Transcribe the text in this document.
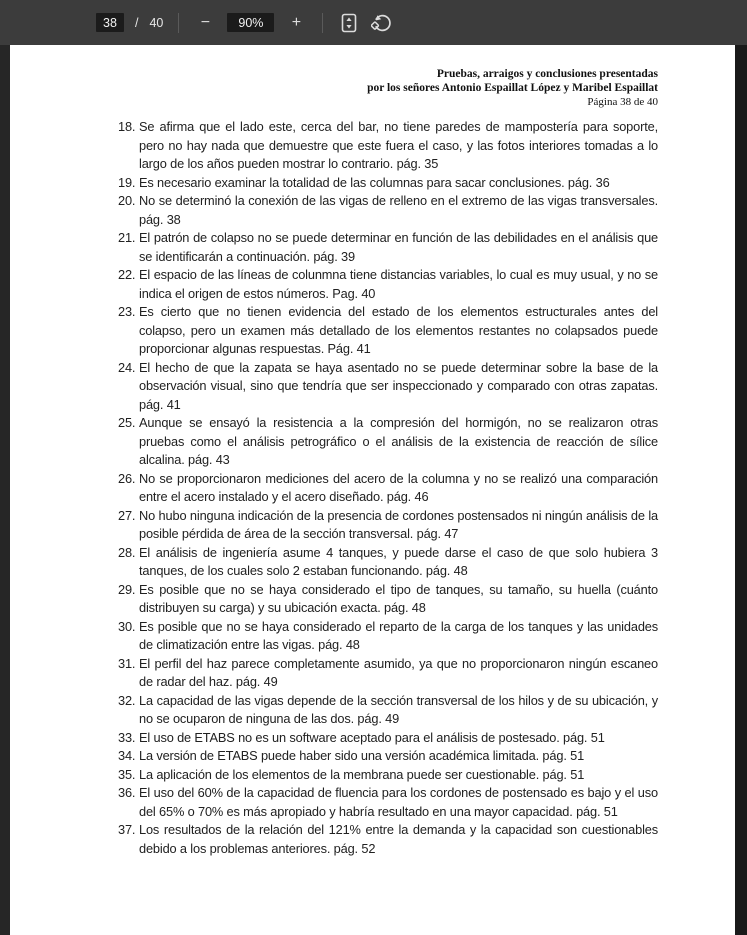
38
/ 40	−	90%	+
Pruebas, arraigos y conclusiones presentadas
por los señores Antonio Espaillat López y Maribel Espaillat
Página 38 de 40
18. Se afirma que el lado este, cerca del bar, no tiene paredes de mampostería para soporte, pero no hay nada que demuestre que este fuera el caso, y las fotos interiores tomadas a lo largo de los años pueden mostrar lo contrario. pág. 35
19. Es necesario examinar la totalidad de las columnas para sacar conclusiones. pág. 36
20. No se determinó la conexión de las vigas de relleno en el extremo de las vigas transversales. pág. 38
21. El patrón de colapso no se puede determinar en función de las debilidades en el análisis que se identificarán a continuación. pág. 39
22. El espacio de las líneas de colunmna tiene distancias variables, lo cual es muy usual, y no se indica el origen de estos números. Pag. 40
23. Es cierto que no tienen evidencia del estado de los elementos estructurales antes del colapso, pero un examen más detallado de los elementos restantes no colapsados puede proporcionar algunas respuestas. Pág. 41
24. El hecho de que la zapata se haya asentado no se puede determinar sobre la base de la observación visual, sino que tendría que ser inspeccionado y comparado con otras zapatas. pág. 41
25. Aunque se ensayó la resistencia a la compresión del hormigón, no se realizaron otras pruebas como el análisis petrográfico o el análisis de la existencia de reacción de sílice alcalina. pág. 43
26. No se proporcionaron mediciones del acero de la columna y no se realizó una comparación entre el acero instalado y el acero diseñado. pág. 46
27. No hubo ninguna indicación de la presencia de cordones postensados ni ningún análisis de la posible pérdida de área de la sección transversal. pág. 47
28. El análisis de ingeniería asume 4 tanques, y puede darse el caso de que solo hubiera 3 tanques, de los cuales solo 2 estaban funcionando. pág. 48
29. Es posible que no se haya considerado el tipo de tanques, su tamaño, su huella (cuánto distribuyen su carga) y su ubicación exacta. pág. 48
30. Es posible que no se haya considerado el reparto de la carga de los tanques y las unidades de climatización entre las vigas. pág. 48
31. El perfil del haz parece completamente asumido, ya que no proporcionaron ningún escaneo de radar del haz. pág. 49
32. La capacidad de las vigas depende de la sección transversal de los hilos y de su ubicación, y no se ocuparon de ninguna de las dos. pág. 49
33. El uso de ETABS no es un software aceptado para el análisis de postesado. pág. 51
34. La versión de ETABS puede haber sido una versión académica limitada. pág. 51
35. La aplicación de los elementos de la membrana puede ser cuestionable. pág. 51
36. El uso del 60% de la capacidad de fluencia para los cordones de postensado es bajo y el uso del 65% o 70% es más apropiado y habría resultado en una mayor capacidad. pág. 51
37. Los resultados de la relación del 121% entre la demanda y la capacidad son cuestionables debido a los problemas anteriores. pág. 52
